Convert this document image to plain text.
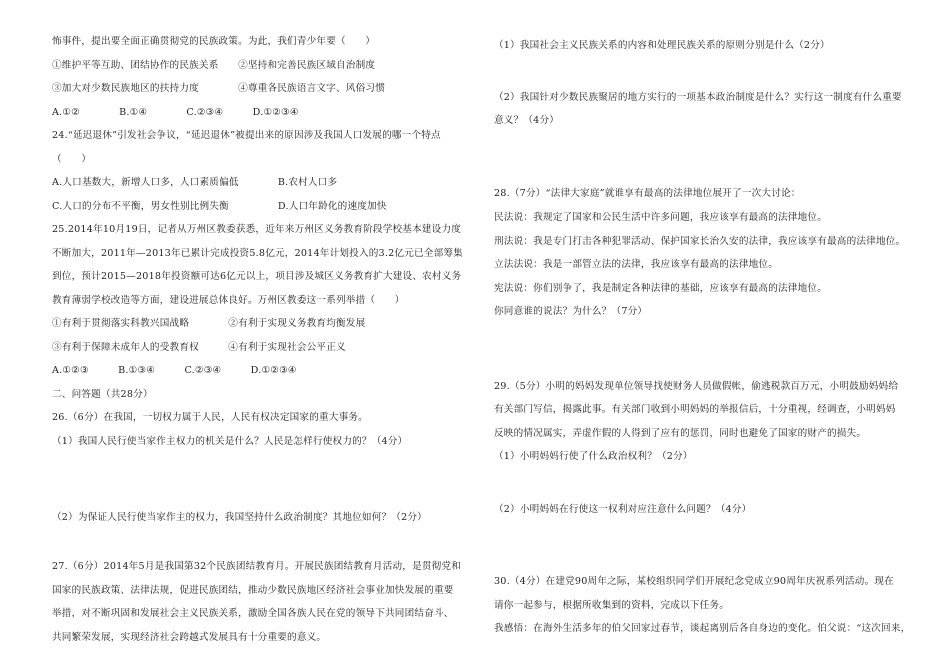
怖事件，提出要全面正确贯彻党的民族政策。为此，我们青少年要（　　）
①维护平等互助、团结协作的民族关系　　②坚持和完善民族区域自治制度
③加大对少数民族地区的扶持力度　　　　④尊重各民族语言文字、风俗习惯
A.①②　　　　B.①④　　　　C.②③④　　　D.①②③④
24.“延迟退休”引发社会争议，“延迟退休”被提出来的原因涉及我国人口发展的哪一个特点
（　　）
A.人口基数大，新增人口多，人口素质偏低　　　　B.农村人口多
C.人口的分布不平衡，男女性别比例失衡　　　　　D.人口年龄化的速度加快
25.2014年10月19日，记者从万州区教委获悉，近年来万州区义务教育阶段学校基本建设力度
不断加大，2011年—2013年已累计完成投资5.8亿元，2014年计划投入的3.2亿元已全部筹集
到位，预计2015—2018年投资额可达6亿元以上，项目涉及城区义务教育扩大建设、农村义务
教育薄弱学校改造等方面，建设进展总体良好。万州区教委这一系列举措（　　）
①有利于贯彻落实科教兴国战略　　　　②有利于实现义务教育均衡发展
③有利于保障未成年人的受教育权　　　④有利于实现社会公平正义
A.①②③　　　B.①③④　　　C.②③④　　　D.①②③④
二、问答题（共28分）
26.（6分）在我国，一切权力属于人民，人民有权决定国家的重大事务。
（1）我国人民行使当家作主权力的机关是什么？人民是怎样行使权力的？（4分）
（2）为保证人民行使当家作主的权力，我国坚持什么政治制度？其地位如何？（2分）
27.（6分）2014年5月是我国第32个民族团结教育月。开展民族团结教育月活动，是贯彻党和
国家的民族政策、法律法规，促进民族团结，推动少数民族地区经济社会事业加快发展的重要
举措，对不断巩固和发展社会主义民族关系，激励全国各族人民在党的领导下共同团结奋斗、
共同繁荣发展，实现经济社会跨越式发展具有十分重要的意义。
（1）我国社会主义民族关系的内容和处理民族关系的原则分别是什么（2分）
（2）我国针对少数民族聚居的地方实行的一项基本政治制度是什么？实行这一制度有什么重要
意义？（4分）
28.（7分）“法律大家庭”就谁享有最高的法律地位展开了一次大讨论：
民法说：我规定了国家和公民生活中许多问题，我应该享有最高的法律地位。
刑法说：我是专门打击各种犯罪活动、保护国家长治久安的法律，我应该享有最高的法律地位。
立法法说：我是一部管立法的法律，我应该享有最高的法律地位。
宪法说：你们别争了，我是制定各种法律的基础，应该享有最高的法律地位。
你同意谁的说法？为什么？（7分）
29.（5分）小明的妈妈发现单位领导找使财务人员做假帐，偷逃税款百万元，小明鼓励妈妈给
有关部门写信，揭露此事。有关部门收到小明妈妈的举报信后，十分重视，经调查，小明妈妈
反映的情况属实，弄虚作假的人得到了应有的惩罚，同时也避免了国家的财产的损失。
（1）小明妈妈行使了什么政治权利？（2分）
（2）小明妈妈在行使这一权利对应注意什么问题？（4分）
30.（4分）在建党90周年之际，某校组织同学们开展纪念党成立90周年庆祝系列活动。现在
请你一起参与，根据所收集到的资料，完成以下任务。
我感悟：在海外生活多年的伯父回家过春节，谈起离别后各自身边的变化。伯父说：“这次回来，
